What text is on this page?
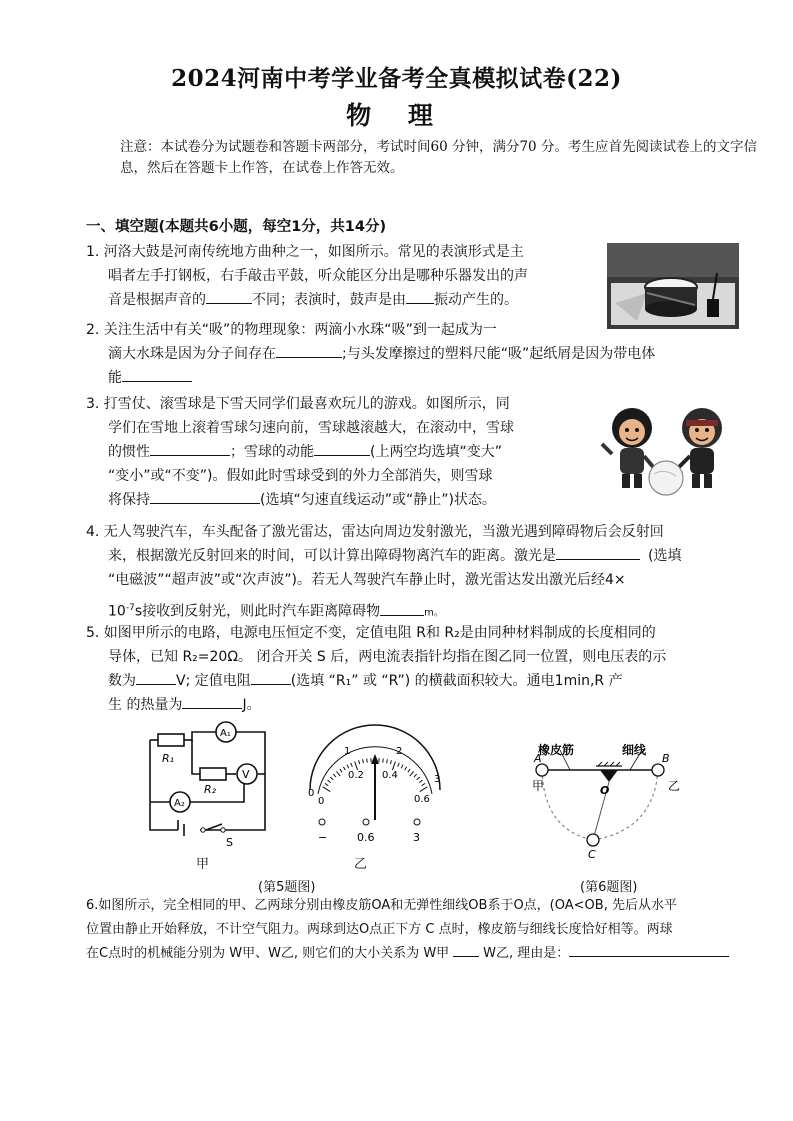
2024河南中考学业备考全真模拟试卷(22)
物 理
注意：本试卷分为试题卷和答题卡两部分，考试时间60 分钟，满分70 分。考生应首先阅读试卷上的文字信息，然后在答题卡上作答，在试卷上作答无效。
一、填空题(本题共6小题，每空1分，共14分)
1. 河洛大鼓是河南传统地方曲种之一，如图所示。常见的表演形式是主
唱者左手打钢板，右手敲击平鼓，听众能区分出是哪种乐器发出的声
音是根据声音的	不同；表演时，鼓声是由 振动产生的。
2. 关注生活中有关“吸”的物理现象：两滴小水珠“吸”到一起成为一
滴大水珠是因为分子间存在	;与头发摩擦过的塑料尺能“吸”起纸屑是因为带电体
能
3. 打雪仗、滚雪球是下雪天同学们最喜欢玩儿的游戏。如图所示，同
学们在雪地上滚着雪球匀速向前，雪球越滚越大，在滚动中，雪球
的惯性	；雪球的动能	(上两空均选填“变大”
“变小”或“不变”)。假如此时雪球受到的外力全部消失，则雪球
将保持	(选填“匀速直线运动”或“静止”)状态。
4. 无人驾驶汽车，车头配备了激光雷达，雷达向周边发射激光，当激光遇到障碍物后会反射回
来，根据激光反射回来的时间，可以计算出障碍物离汽车的距离。激光是	(选填
“电磁波”“超声波”或“次声波”)。若无人驾驶汽车静止时，激光雷达发出激光后经4×
$10^{-7}s$接收到反射光，则此时汽车距离障碍物	m。
5. 如图甲所示的电路，电源电压恒定不变，定值电阻 R和 R₂是由同种材料制成的长度相同的
导体，已知 R₂=20Ω。 闭合开关 S 后，两电流表指针均指在图乙同一位置，则电压表的示
数为	V; 定值电阻	(选填 “R₁” 或 “R”) 的横截面积较大。通电1min,R 产
生 的热量为	J。
A₁
V
A₂
R₁
R₂
S
甲
0
1	2
3
0
0.2 0.4
0.6
−	0.6	3
乙
(第5题图)
橡皮筋	细线
A	B
O
C
甲	乙
(第6题图)
6.如图所示，完全相同的甲、乙两球分别由橡皮筋OA和无弹性细线OB系于O点，(OA<OB, 先后从水平
位置由静止开始释放，不计空气阻力。两球到达O点正下方 C 点时，橡皮筋与细线长度恰好相等。两球
在C点时的机械能分别为 W甲、W乙, 则它们的大小关系为 W甲	W乙, 理由是：
